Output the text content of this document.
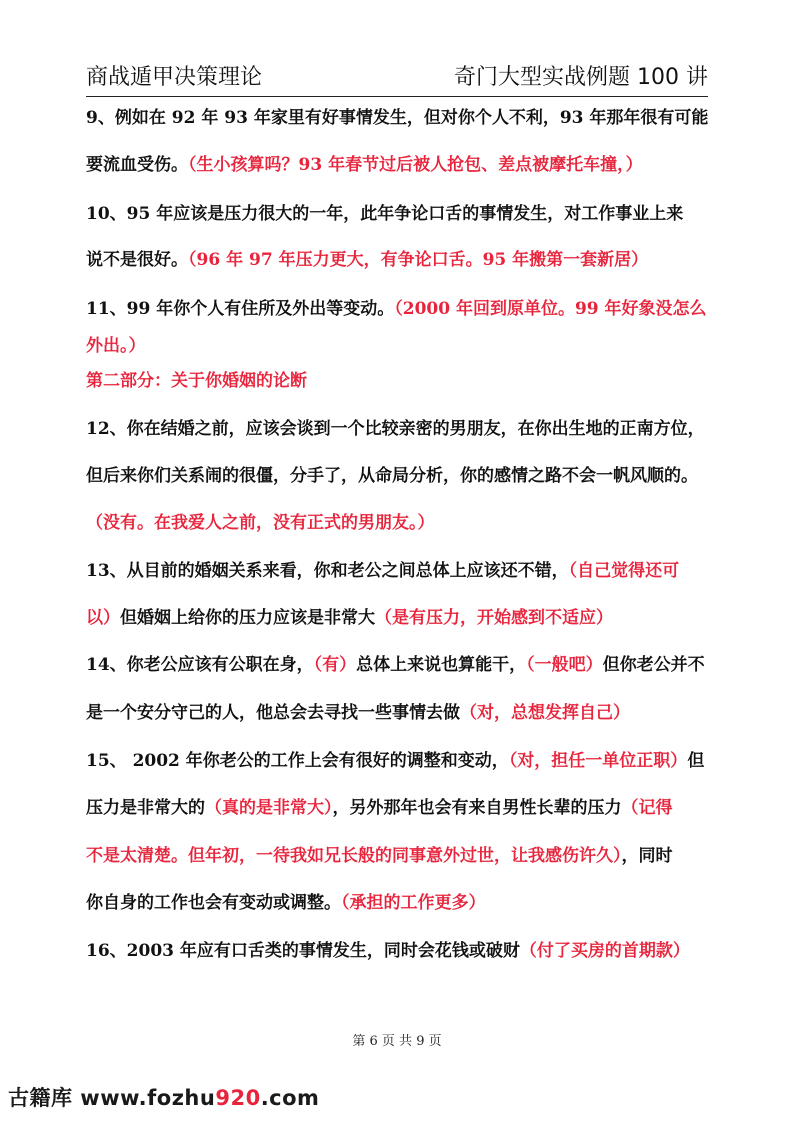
商战遁甲决策理论	奇门大型实战例题 100 讲
9、例如在 92 年 93 年家里有好事情发生，但对你个人不利，93 年那年很有可能
要流血受伤。（生小孩算吗？93 年春节过后被人抢包、差点被摩托车撞，）
10、95 年应该是压力很大的一年，此年争论口舌的事情发生，对工作事业上来
说不是很好。（96 年 97 年压力更大，有争论口舌。95 年搬第一套新居）
11、99 年你个人有住所及外出等变动。（2000 年回到原单位。99 年好象没怎么
外出。）
第二部分：关于你婚姻的论断
12、你在结婚之前，应该会谈到一个比较亲密的男朋友，在你出生地的正南方位，
但后来你们关系闹的很僵，分手了，从命局分析，你的感情之路不会一帆风顺的。
（没有。在我爱人之前，没有正式的男朋友。）
13、从目前的婚姻关系来看，你和老公之间总体上应该还不错，（自己觉得还可
以）但婚姻上给你的压力应该是非常大（是有压力，开始感到不适应）
14、你老公应该有公职在身，（有）总体上来说也算能干，（一般吧）但你老公并不
是一个安分守己的人，他总会去寻找一些事情去做（对，总想发挥自己）
15、 2002 年你老公的工作上会有很好的调整和变动，（对，担任一单位正职）但
压力是非常大的（真的是非常大），另外那年也会有来自男性长辈的压力（记得
不是太清楚。但年初，一待我如兄长般的同事意外过世，让我感伤许久），同时
你自身的工作也会有变动或调整。（承担的工作更多）
16、2003 年应有口舌类的事情发生，同时会花钱或破财（付了买房的首期款）
第 6 页 共 9 页
古籍库 www.fozhu920.com
